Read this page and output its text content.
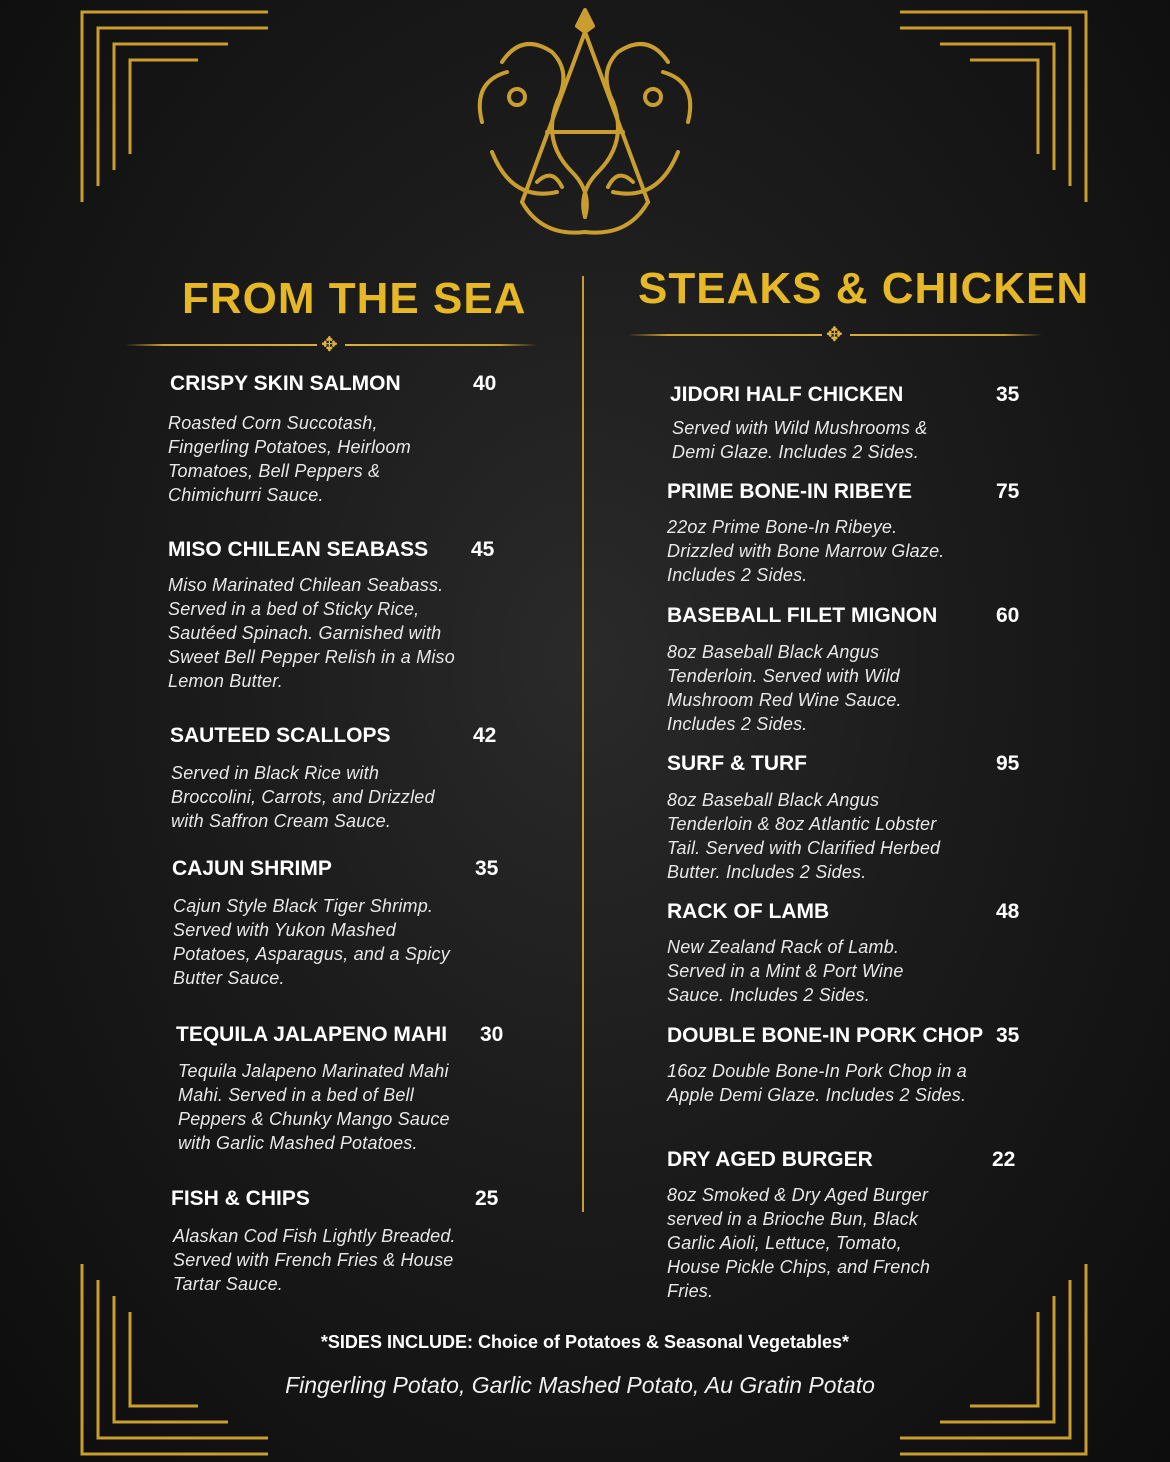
FROM THE SEA	STEAKS & CHICKEN
✥	✥

CRISPY SKIN SALMON	40

Roasted Corn Succotash, Fingerling Potatoes, Heirloom Tomatoes, Bell Peppers & Chimichurri Sauce.

MISO CHILEAN SEABASS 45

Miso Marinated Chilean Seabass. Served in a bed of Sticky Rice, Sautéed Spinach. Garnished with Sweet Bell Pepper Relish in a Miso Lemon Butter.

SAUTEED SCALLOPS	42

Served in Black Rice with Broccolini, Carrots, and Drizzled with Saffron Cream Sauce.

CAJUN SHRIMP	35

Cajun Style Black Tiger Shrimp. Served with Yukon Mashed Potatoes, Asparagus, and a Spicy Butter Sauce.

TEQUILA JALAPENO MAHI 30

Tequila Jalapeno Marinated Mahi Mahi. Served in a bed of Bell Peppers & Chunky Mango Sauce with Garlic Mashed Potatoes.

FISH & CHIPS	25

Alaskan Cod Fish Lightly Breaded. Served with French Fries & House Tartar Sauce.

JIDORI HALF CHICKEN	35

Served with Wild Mushrooms & Demi Glaze. Includes 2 Sides.

PRIME BONE-IN RIBEYE	75

22oz Prime Bone-In Ribeye. Drizzled with Bone Marrow Glaze. Includes 2 Sides.

BASEBALL FILET MIGNON	60

8oz Baseball Black Angus Tenderloin. Served with Wild Mushroom Red Wine Sauce. Includes 2 Sides.

SURF & TURF	95

8oz Baseball Black Angus Tenderloin & 8oz Atlantic Lobster Tail. Served with Clarified Herbed Butter. Includes 2 Sides.

RACK OF LAMB	48

New Zealand Rack of Lamb. Served in a Mint & Port Wine Sauce. Includes 2 Sides.

DOUBLE BONE-IN PORK CHOP 35

16oz Double Bone-In Pork Chop in a Apple Demi Glaze. Includes 2 Sides.

DRY AGED BURGER	22

8oz Smoked & Dry Aged Burger served in a Brioche Bun, Black Garlic Aioli, Lettuce, Tomato, House Pickle Chips, and French Fries.

*SIDES INCLUDE: Choice of Potatoes & Seasonal Vegetables*

Fingerling Potato, Garlic Mashed Potato, Au Gratin Potato
